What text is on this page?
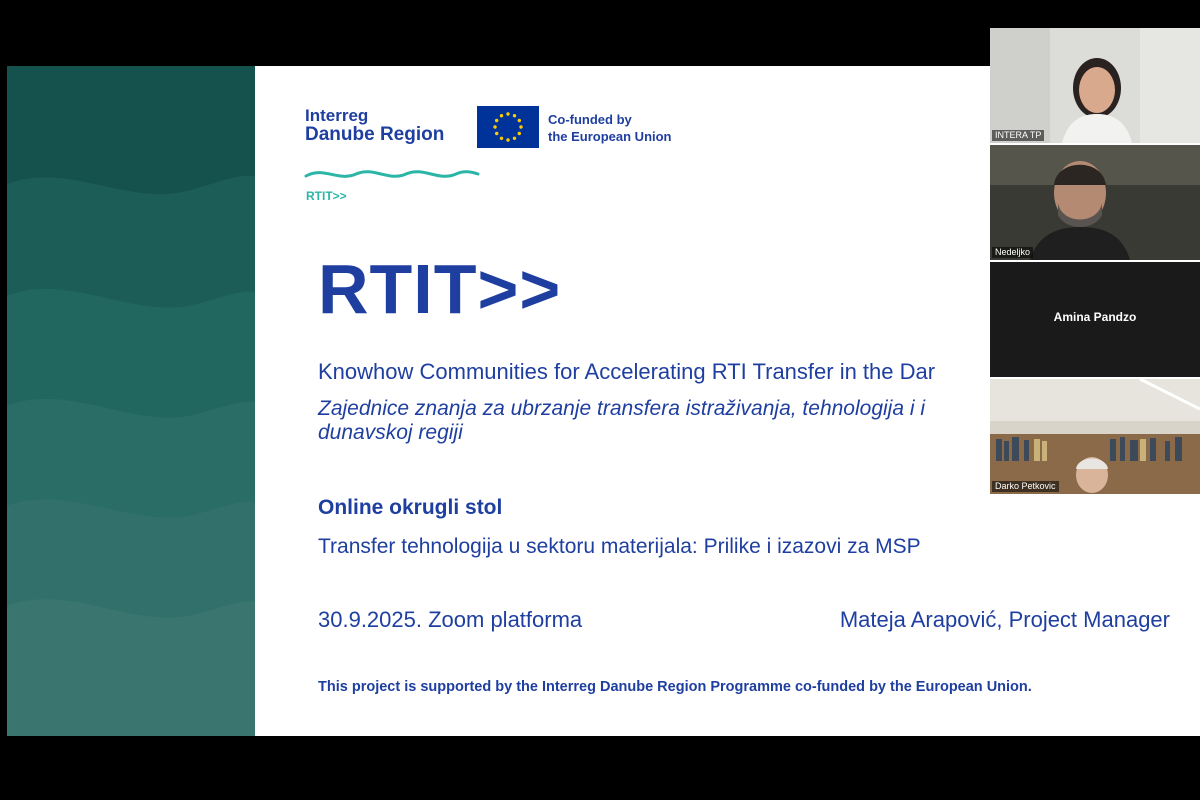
Interreg
Danube Region
RTIT>>
Co-funded by
the European Union
RTIT>>
Knowhow Communities for Accelerating RTI Transfer in the Dar
Zajednice znanja za ubrzanje transfera istraživanja, tehnologija i i dunavskoj regiji
Online okrugli stol
Transfer tehnologija u sektoru materijala: Prilike i izazovi za MSP
30.9.2025. Zoom platforma	Mateja Arapović, Project Manager
This project is supported by the Interreg Danube Region Programme co-funded by the European Union.
INTERA TP
Nedeljko
Amina Pandzo
Darko Petkovic
